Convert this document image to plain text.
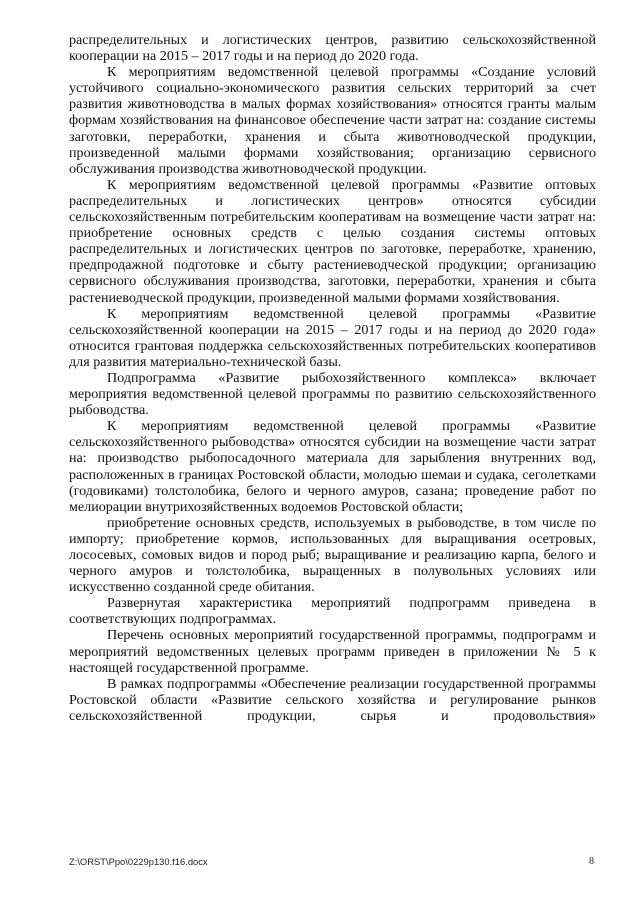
распределительных и логистических центров, развитию сельскохозяйственной кооперации на 2015 – 2017 годы и на период до 2020 года.

К мероприятиям ведомственной целевой программы «Создание условий устойчивого социально-экономического развития сельских территорий за счет развития животноводства в малых формах хозяйствования» относятся гранты малым формам хозяйствования на финансовое обеспечение части затрат на: создание системы заготовки, переработки, хранения и сбыта животноводческой продукции, произведенной малыми формами хозяйствования; организацию сервисного обслуживания производства животноводческой продукции.

К мероприятиям ведомственной целевой программы «Развитие оптовых распределительных и логистических центров» относятся субсидии сельскохозяйственным потребительским кооперативам на возмещение части затрат на: приобретение основных средств с целью создания системы оптовых распределительных и логистических центров по заготовке, переработке, хранению, предпродажной подготовке и сбыту растениеводческой продукции; организацию сервисного обслуживания производства, заготовки, переработки, хранения и сбыта растениеводческой продукции, произведенной малыми формами хозяйствования.

К мероприятиям ведомственной целевой программы «Развитие сельскохозяйственной кооперации на 2015 – 2017 годы и на период до 2020 года» относится грантовая поддержка сельскохозяйственных потребительских кооперативов для развития материально-технической базы.

Подпрограмма «Развитие рыбохозяйственного комплекса» включает мероприятия ведомственной целевой программы по развитию сельскохозяйственного рыбоводства.

К мероприятиям ведомственной целевой программы «Развитие сельскохозяйственного рыбоводства» относятся субсидии на возмещение части затрат на: производство рыбопосадочного материала для зарыбления внутренних вод, расположенных в границах Ростовской области, молодью шемаи и судака, сеголетками (годовиками) толстолобика, белого и черного амуров, сазана; проведение работ по мелиорации внутрихозяйственных водоемов Ростовской области;

приобретение основных средств, используемых в рыбоводстве, в том числе по импорту; приобретение кормов, использованных для выращивания осетровых, лососевых, сомовых видов и пород рыб; выращивание и реализацию карпа, белого и черного амуров и толстолобика, выращенных в полувольных условиях или искусственно созданной среде обитания.

Развернутая характеристика мероприятий подпрограмм приведена в соответствующих подпрограммах.

Перечень основных мероприятий государственной программы, подпрограмм и мероприятий ведомственных целевых программ приведен в приложении № 5 к настоящей государственной программе.

В рамках подпрограммы «Обеспечение реализации государственной программы Ростовской области «Развитие сельского хозяйства и регулирование рынков сельскохозяйственной продукции, сырья и продовольствия»

Z:\ORST\Ppo\0229p130.f16.docx	8
